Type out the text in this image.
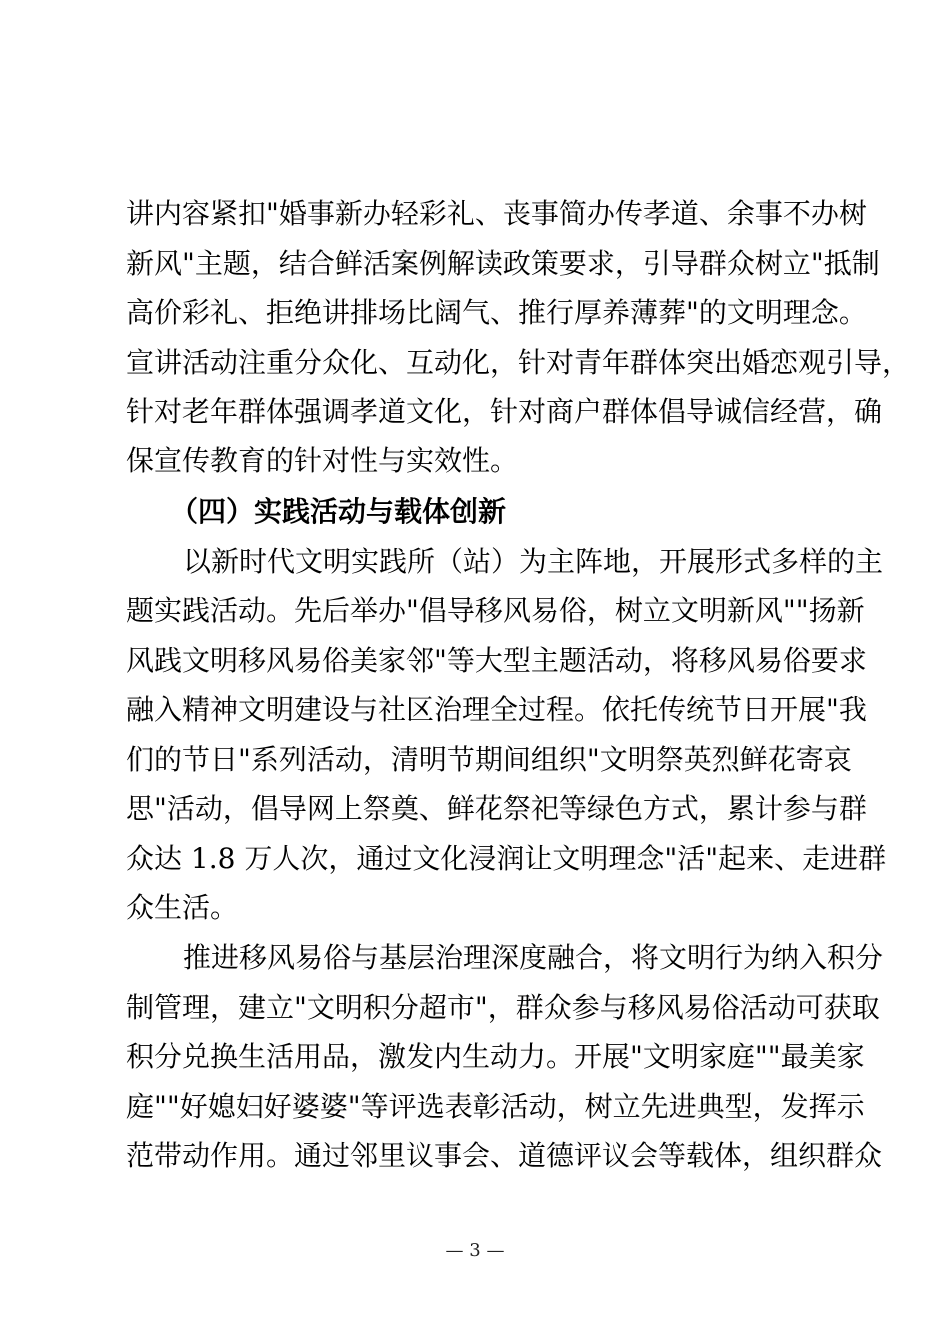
讲内容紧扣"婚事新办轻彩礼、丧事简办传孝道、余事不办树
新风"主题，结合鲜活案例解读政策要求，引导群众树立"抵制
高价彩礼、拒绝讲排场比阔气、推行厚养薄葬"的文明理念。
宣讲活动注重分众化、互动化，针对青年群体突出婚恋观引导，
针对老年群体强调孝道文化，针对商户群体倡导诚信经营，确
保宣传教育的针对性与实效性。
（四）实践活动与载体创新
以新时代文明实践所（站）为主阵地，开展形式多样的主
题实践活动。先后举办"倡导移风易俗，树立文明新风""扬新
风践文明移风易俗美家邻"等大型主题活动，将移风易俗要求
融入精神文明建设与社区治理全过程。依托传统节日开展"我
们的节日"系列活动，清明节期间组织"文明祭英烈鲜花寄哀
思"活动，倡导网上祭奠、鲜花祭祀等绿色方式，累计参与群
众达 1.8 万人次，通过文化浸润让文明理念"活"起来、走进群
众生活。
推进移风易俗与基层治理深度融合，将文明行为纳入积分
制管理，建立"文明积分超市"，群众参与移风易俗活动可获取
积分兑换生活用品，激发内生动力。开展"文明家庭""最美家
庭""好媳妇好婆婆"等评选表彰活动，树立先进典型，发挥示
范带动作用。通过邻里议事会、道德评议会等载体，组织群众
— 3 —
